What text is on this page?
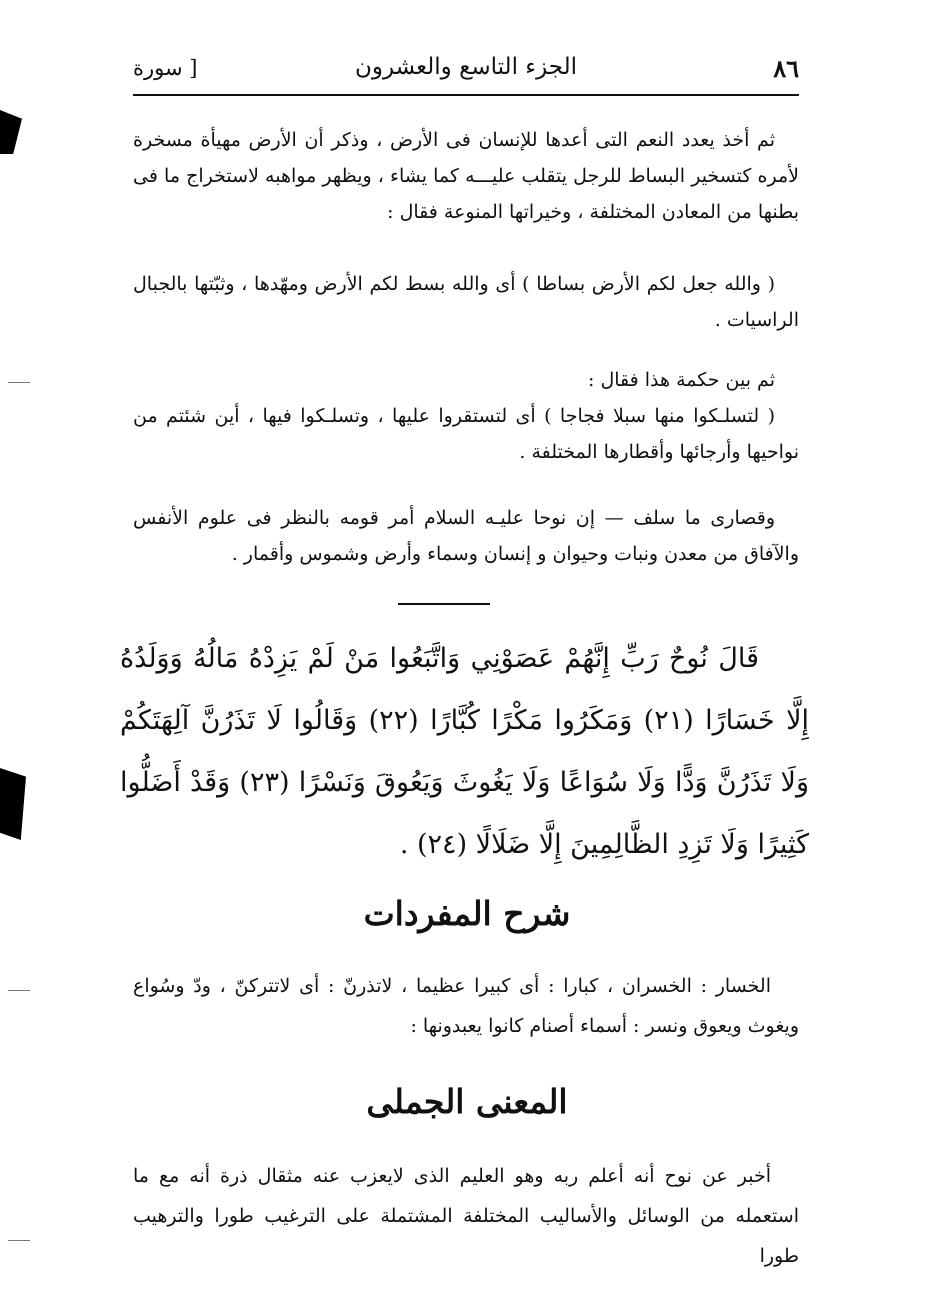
٨٦
الجزء التاسع والعشرون
[ سورة

ثم أخذ يعدد النعم التى أعدها للإنسان فى الأرض ، وذكر أن الأرض مهيأة مسخرة لأمره كتسخير البساط للرجل يتقلب عليـــه كما يشاء ، ويظهر مواهبه لاستخراج ما فى بطنها من المعادن المختلفة ، وخيراتها المنوعة فقال :

( والله جعل لكم الأرض بساطا ) أى والله بسط لكم الأرض ومهّدها ، وثبّتها بالجبال الراسيات .

ثم بين حكمة هذا فقال :

( لتسلـكوا منها سبلا فجاجا ) أى لتستقروا عليها ، وتسلـكوا فيها ، أين شئتم من نواحيها وأرجائها وأقطارها المختلفة .

وقصارى ما سلف — إن نوحا عليـه السلام أمر قومه بالنظر فى علوم الأنفس والآفاق من معدن ونبات وحيوان و إنسان وسماء وأرض وشموس وأقمار .

قَالَ نُوحٌ رَبِّ إِنَّهُمْ عَصَوْنِي وَاتَّبَعُوا مَنْ لَمْ يَزِدْهُ مَالُهُ وَوَلَدُهُ إِلَّا خَسَارًا (٢١) وَمَكَرُوا مَكْرًا كُبَّارًا (٢٢) وَقَالُوا لَا تَذَرُنَّ آلِهَتَكُمْ وَلَا تَذَرُنَّ وَدًّا وَلَا سُوَاعًا وَلَا يَغُوثَ وَيَعُوقَ وَنَسْرًا (٢٣) وَقَدْ أَضَلُّوا كَثِيرًا وَلَا تَزِدِ الظَّالِمِينَ إِلَّا ضَلَالًا (٢٤) .

شرح المفردات

الخسار : الخسران ، كبارا : أى كبيرا عظيما ، لاتذرنّ : أى لاتتركنّ ، ودّ وسُواع ويغوث ويعوق ونسر : أسماء أصنام كانوا يعبدونها :

المعنى الجملى

أخبر عن نوح أنه أعلم ربه وهو العليم الذى لايعزب عنه مثقال ذرة أنه مع ما استعمله من الوسائل والأساليب المختلفة المشتملة على الترغيب طورا والترهيب طورا
